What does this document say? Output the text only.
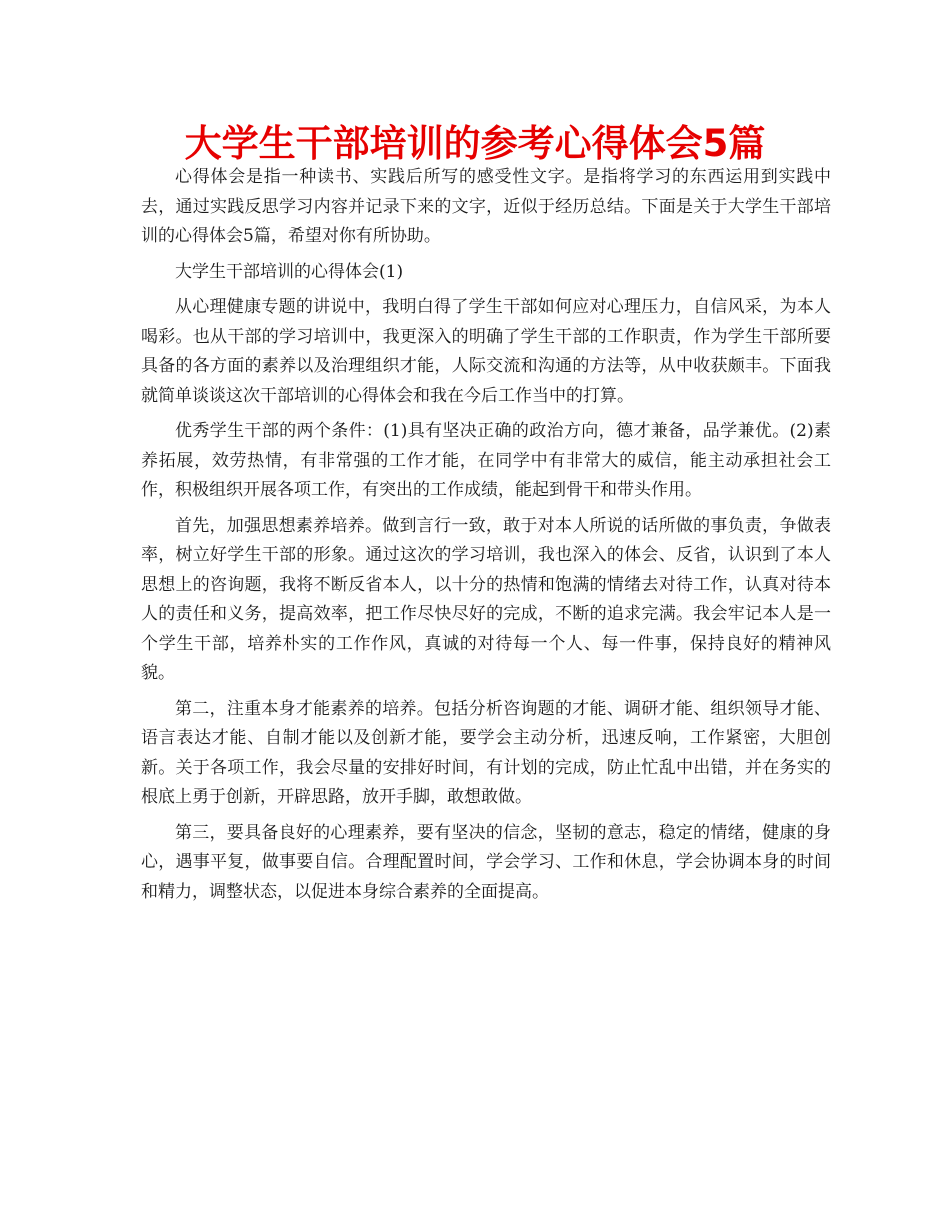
大学生干部培训的参考心得体会5篇

心得体会是指一种读书、实践后所写的感受性文字。是指将学习的东西运用到实践中去，通过实践反思学习内容并记录下来的文字，近似于经历总结。下面是关于大学生干部培训的心得体会5篇，希望对你有所协助。

大学生干部培训的心得体会(1)

从心理健康专题的讲说中，我明白得了学生干部如何应对心理压力，自信风采，为本人喝彩。也从干部的学习培训中，我更深入的明确了学生干部的工作职责，作为学生干部所要具备的各方面的素养以及治理组织才能，人际交流和沟通的方法等，从中收获颇丰。下面我就简单谈谈这次干部培训的心得体会和我在今后工作当中的打算。

优秀学生干部的两个条件：(1)具有坚决正确的政治方向，德才兼备，品学兼优。(2)素养拓展，效劳热情，有非常强的工作才能，在同学中有非常大的威信，能主动承担社会工作，积极组织开展各项工作，有突出的工作成绩，能起到骨干和带头作用。

首先，加强思想素养培养。做到言行一致，敢于对本人所说的话所做的事负责，争做表率，树立好学生干部的形象。通过这次的学习培训，我也深入的体会、反省，认识到了本人思想上的咨询题，我将不断反省本人，以十分的热情和饱满的情绪去对待工作，认真对待本人的责任和义务，提高效率，把工作尽快尽好的完成，不断的追求完满。我会牢记本人是一个学生干部，培养朴实的工作作风，真诚的对待每一个人、每一件事，保持良好的精神风貌。

第二，注重本身才能素养的培养。包括分析咨询题的才能、调研才能、组织领导才能、语言表达才能、自制才能以及创新才能，要学会主动分析，迅速反响，工作紧密，大胆创新。关于各项工作，我会尽量的安排好时间，有计划的完成，防止忙乱中出错，并在务实的根底上勇于创新，开辟思路，放开手脚，敢想敢做。

第三，要具备良好的心理素养，要有坚决的信念，坚韧的意志，稳定的情绪，健康的身心，遇事平复，做事要自信。合理配置时间，学会学习、工作和休息，学会协调本身的时间和精力，调整状态，以促进本身综合素养的全面提高。
